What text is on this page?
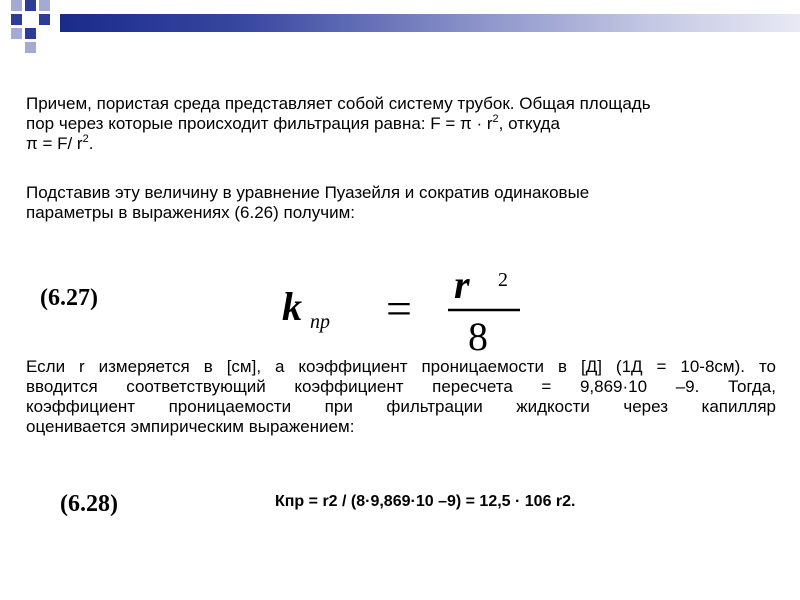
Причем, пористая среда представляет собой систему трубок. Общая площадь
пор через которые происходит фильтрация равна: $F = \pi \cdot r^2$, откуда
π = F/ $r^2$.
Подставив эту величину в уравнение Пуазейля и сократив одинаковые
параметры в выражениях (6.26) получим:
(6.27)	k пр = r 2
8
Если r измеряется в [см], а коэффициент проницаемости в [Д] (1Д = 10-8см). то
вводится соответствующий коэффициент пересчета = 9,869·10 –9. Тогда,
коэффициент проницаемости при фильтрации жидкости через капилляр
оценивается эмпирическим выражением:
(6.28)	Кпр = r2 / (8·9,869·10 –9) = 12,5 · 106 r2.
